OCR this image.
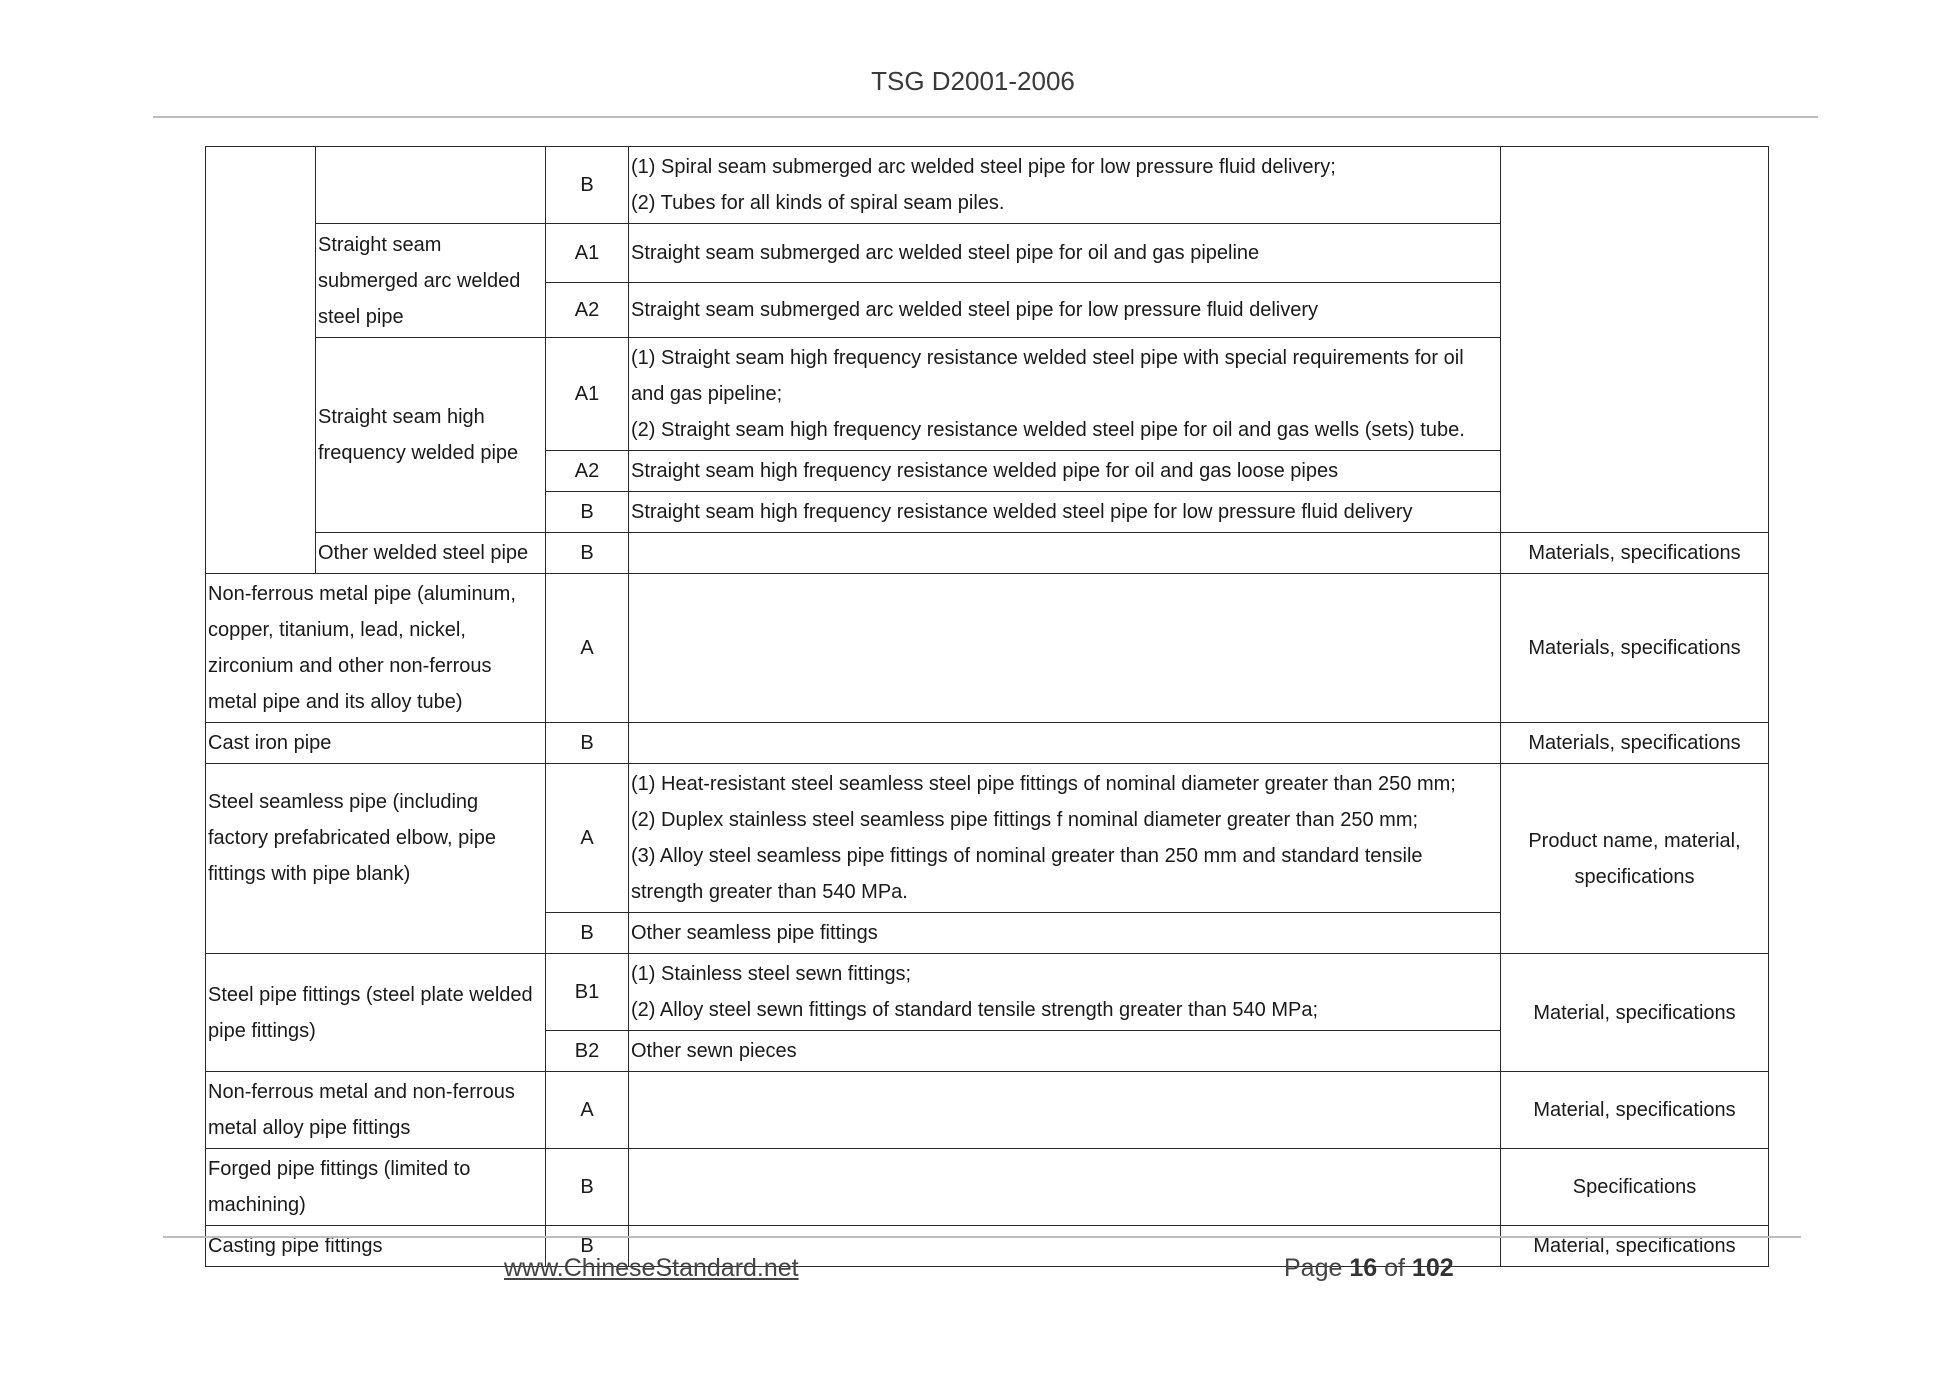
TSG D2001-2006
		B	(1) Spiral seam submerged arc welded steel pipe for low pressure fluid delivery;
(2) Tubes for all kinds of spiral seam piles.	

	Straight seam submerged arc welded steel pipe	A1	Straight seam submerged arc welded steel pipe for oil and gas pipeline	
		A2	Straight seam submerged arc welded steel pipe for low pressure fluid delivery	
	Straight seam high frequency welded pipe	A1	(1) Straight seam high frequency resistance welded steel pipe with special requirements for oil and gas pipeline;
(2) Straight seam high frequency resistance welded steel pipe for oil and gas wells (sets) tube.	

		A2	Straight seam high frequency resistance welded pipe for oil and gas loose pipes	
		B	Straight seam high frequency resistance welded steel pipe for low pressure fluid delivery	
	Other welded steel pipe	B		Materials, specifications
Non-ferrous metal pipe (aluminum, copper, titanium, lead, nickel, zirconium and other non-ferrous metal pipe and its alloy tube)		A		Materials, specifications
Cast iron pipe		B		Materials, specifications
Steel seamless pipe (including factory prefabricated elbow, pipe fittings with pipe blank)		A	(1) Heat-resistant steel seamless steel pipe fittings of nominal diameter greater than 250 mm;
(2) Duplex stainless steel seamless pipe fittings f nominal diameter greater than 250 mm;
(3) Alloy steel seamless pipe fittings of nominal greater than 250 mm and standard tensile strength greater than 540 MPa.	Product name, material, specifications
		B	Other seamless pipe fittings	
Steel pipe fittings (steel plate welded pipe fittings)		B1	(1) Stainless steel sewn fittings;
(2) Alloy steel sewn fittings of standard tensile strength greater than 540 MPa;	Material, specifications
		B2	Other sewn pieces	
Non-ferrous metal and non-ferrous metal alloy pipe fittings		A		Material, specifications
Forged pipe fittings (limited to machining)		B		Specifications
Casting pipe fittings		B		Material, specifications
www.ChineseStandard.net	Page 16 of 102
